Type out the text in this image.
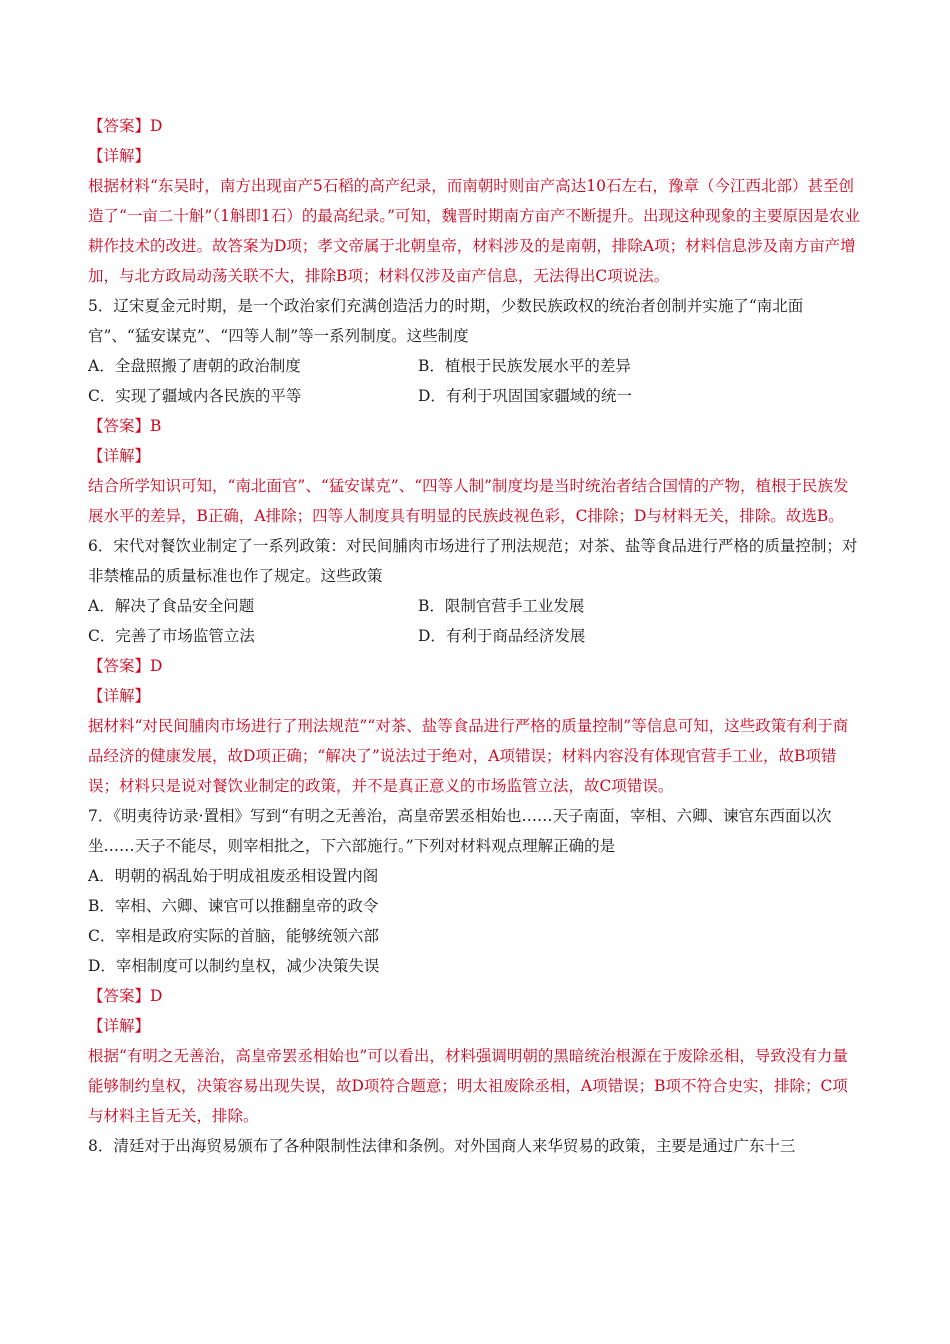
【答案】D
【详解】
根据材料“东吴时，南方出现亩产5石稻的高产纪录，而南朝时则亩产高达10石左右，豫章（今江西北部）甚至创造了“一亩二十斛”（1斛即1石）的最高纪录。”可知，魏晋时期南方亩产不断提升。出现这种现象的主要原因是农业耕作技术的改进。故答案为D项；孝文帝属于北朝皇帝，材料涉及的是南朝，排除A项；材料信息涉及南方亩产增加，与北方政局动荡关联不大，排除B项；材料仅涉及亩产信息，无法得出C项说法。
5．辽宋夏金元时期，是一个政治家们充满创造活力的时期，少数民族政权的统治者创制并实施了“南北面官”、“猛安谋克”、“四等人制”等一系列制度。这些制度
A．全盘照搬了唐朝的政治制度	B．植根于民族发展水平的差异
C．实现了疆域内各民族的平等	D．有利于巩固国家疆域的统一
【答案】B
【详解】
结合所学知识可知，“南北面官”、“猛安谋克”、“四等人制”制度均是当时统治者结合国情的产物，植根于民族发展水平的差异，B正确，A排除；四等人制度具有明显的民族歧视色彩，C排除；D与材料无关，排除。故选B。
6．宋代对餐饮业制定了一系列政策：对民间脯肉市场进行了刑法规范；对茶、盐等食品进行严格的质量控制；对非禁榷品的质量标准也作了规定。这些政策
A．解决了食品安全问题	B．限制官营手工业发展
C．完善了市场监管立法	D．有利于商品经济发展
【答案】D
【详解】
据材料“对民间脯肉市场进行了刑法规范”“对茶、盐等食品进行严格的质量控制”等信息可知，这些政策有利于商品经济的健康发展，故D项正确；“解决了”说法过于绝对，A项错误；材料内容没有体现官营手工业，故B项错误；材料只是说对餐饮业制定的政策，并不是真正意义的市场监管立法，故C项错误。
7．《明夷待访录·置相》写到“有明之无善治，高皇帝罢丞相始也……天子南面，宰相、六卿、谏官东西面以次坐……天子不能尽，则宰相批之，下六部施行。”下列对材料观点理解正确的是
A．明朝的祸乱始于明成祖废丞相设置内阁
B．宰相、六卿、谏官可以推翻皇帝的政令
C．宰相是政府实际的首脑，能够统领六部
D．宰相制度可以制约皇权，减少决策失误
【答案】D
【详解】
根据“有明之无善治，高皇帝罢丞相始也”可以看出，材料强调明朝的黑暗统治根源在于废除丞相，导致没有力量能够制约皇权，决策容易出现失误，故D项符合题意；明太祖废除丞相，A项错误；B项不符合史实，排除；C项与材料主旨无关，排除。
8．清廷对于出海贸易颁布了各种限制性法律和条例。对外国商人来华贸易的政策，主要是通过广东十三
